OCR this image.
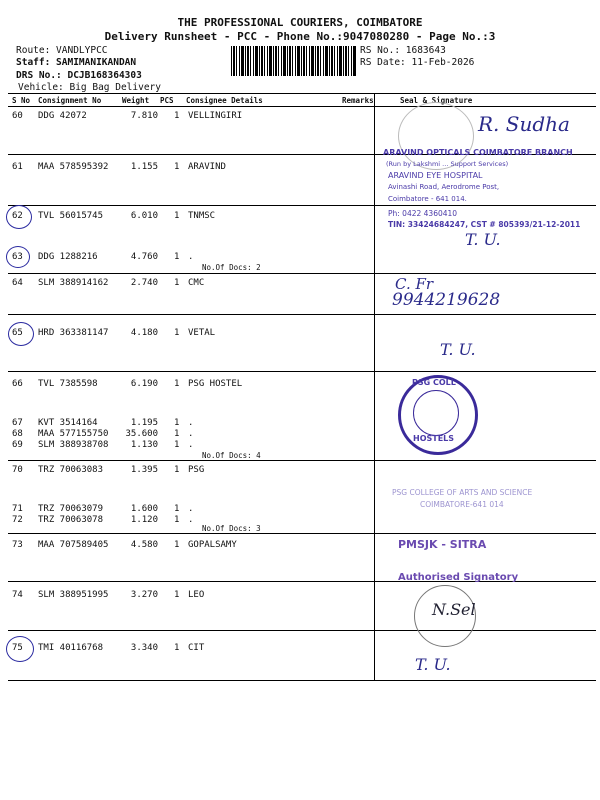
THE PROFESSIONAL COURIERS, COIMBATORE
Delivery Runsheet - PCC - Phone No.:9047080280 - Page No.:3
Route: VANDLYPCC
Staff: SAMIMANIKANDAN
DRS No.: DCJB168364303
Vehicle: Big Bag Delivery
RS No.: 1683643
RS Date: 11-Feb-2026
S No Consignment No	Weight PCS Consignee Details	Remarks	Seal & Signature
60 DDG 42072	7.810 1 VELLINGIRI
61 MAA 578595392	1.155 1 ARAVIND
62 TVL 56015745	6.010 1 TNMSC
63 DDG 1288216	4.760 1 .
No.Of Docs: 2
64 SLM 388914162	2.740 1 CMC
65 HRD 363381147	4.180 1 VETAL
66 TVL 7385598	6.190 1 PSG HOSTEL
67 KVT 3514164	1.195 1 .
68 MAA 577155750	35.600 1 .
69 SLM 388938708	1.130 1 .
No.Of Docs: 4
70 TRZ 70063083	1.395 1 PSG
71 TRZ 70063079	1.600 1 .
72 TRZ 70063078	1.120 1 .
No.Of Docs: 3
73 MAA 707589405	4.580 1 GOPALSAMY
74 SLM 388951995	3.270 1 LEO
75 TMI 40116768	3.340 1 CIT
R. Sudha
ARAVIND OPTICALS COIMBATORE BRANCH
(Run by Lakshmi ... Support Services)
ARAVIND EYE HOSPITAL
Avinashi Road, Aerodrome Post,
Coimbatore - 641 014.
Ph: 0422 4360410
TIN: 33424684247, CST # 805393/21-12-2011
T. U.
C. Fr
9944219628
T. U.
PSG COLL
HOSTELS
PSG COLLEGE OF ARTS AND SCIENCE
COIMBATORE-641 014
PMSJK - SITRA
Authorised Signatory
N.Sel
T. U.
